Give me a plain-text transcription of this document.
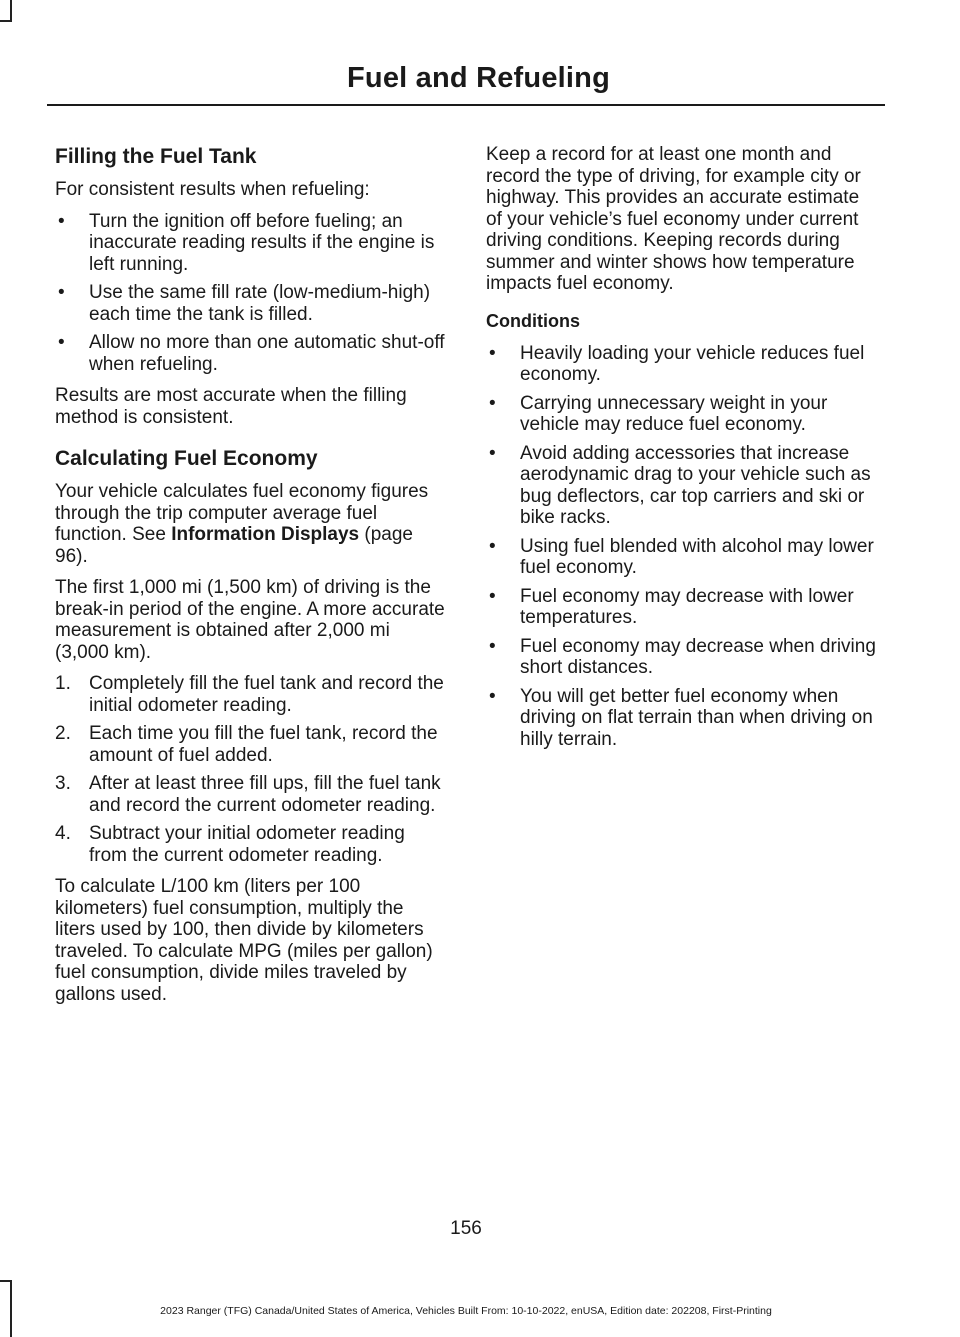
Fuel and Refueling
Filling the Fuel Tank

For consistent results when refueling:

• Turn the ignition off before fueling; an inaccurate reading results if the engine is left running.
• Use the same fill rate (low-medium-high) each time the tank is filled.
• Allow no more than one automatic shut-off when refueling.

Results are most accurate when the filling method is consistent.

Calculating Fuel Economy

Your vehicle calculates fuel economy figures through the trip computer average fuel function. See Information Displays (page 96).

The first 1,000 mi (1,500 km) of driving is the break-in period of the engine. A more accurate measurement is obtained after 2,000 mi (3,000 km).

1. Completely fill the fuel tank and record the initial odometer reading.
2. Each time you fill the fuel tank, record the amount of fuel added.
3. After at least three fill ups, fill the fuel tank and record the current odometer reading.
4. Subtract your initial odometer reading from the current odometer reading.

To calculate L/100 km (liters per 100 kilometers) fuel consumption, multiply the liters used by 100, then divide by kilometers traveled. To calculate MPG (miles per gallon) fuel consumption, divide miles traveled by gallons used.

Keep a record for at least one month and record the type of driving, for example city or highway. This provides an accurate estimate of your vehicle’s fuel economy under current driving conditions. Keeping records during summer and winter shows how temperature impacts fuel economy.

Conditions
• Heavily loading your vehicle reduces fuel economy.
• Carrying unnecessary weight in your vehicle may reduce fuel economy.
• Avoid adding accessories that increase aerodynamic drag to your vehicle such as bug deflectors, car top carriers and ski or bike racks.
• Using fuel blended with alcohol may lower fuel economy.
• Fuel economy may decrease with lower temperatures.
• Fuel economy may decrease when driving short distances.
• You will get better fuel economy when driving on flat terrain than when driving on hilly terrain.
156
2023 Ranger (TFG) Canada/United States of America, Vehicles Built From: 10-10-2022, enUSA, Edition date: 202208, First-Printing
